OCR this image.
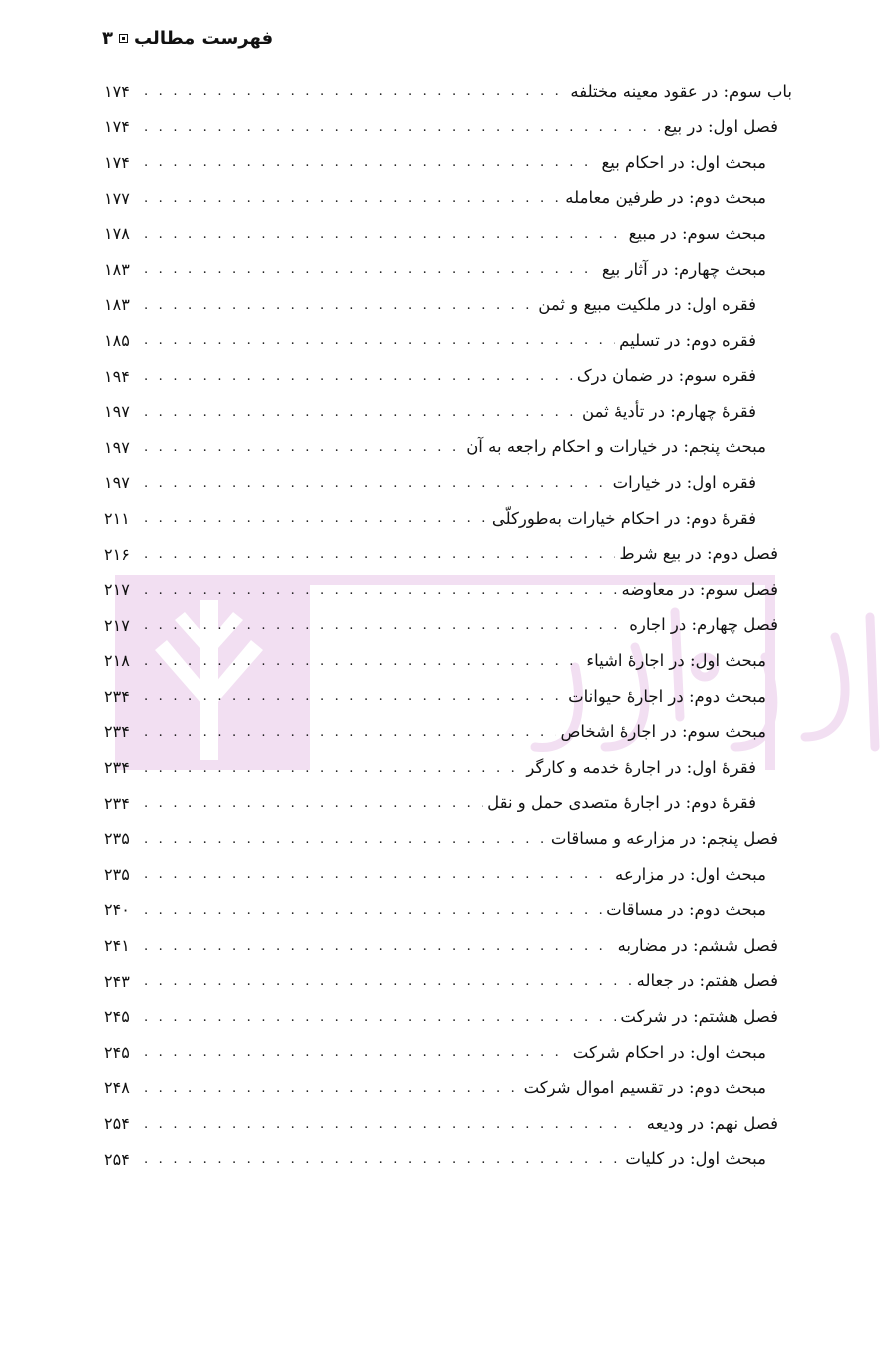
فهرست مطالب
۳
باب سوم: در عقود معینه مختلفه
. . .
۱۷۴
فصل اول: در بیع
. . .
۱۷۴
مبحث اول: در احکام بیع
. . .
۱۷۴
مبحث دوم: در طرفین معامله
. . .
۱۷۷
مبحث سوم: در مبیع
. . .
۱۷۸
مبحث چهارم: در آثار بیع
. . .
۱۸۳
فقره اول: در ملکیت مبیع و ثمن
. . .
۱۸۳
فقره دوم: در تسلیم
. . .
۱۸۵
فقره سوم: در ضمان درک
. . .
۱۹۴
فقرهٔ چهارم: در تأدیهٔ ثمن
. . .
۱۹۷
مبحث پنجم: در خیارات و احکام راجعه به آن
. . .
۱۹۷
فقره اول: در خیارات
. . .
۱۹۷
فقرهٔ دوم: در احکام خیارات به‌طورکلّی
. . .
۲۱۱
فصل دوم: در بیع شرط
. . .
۲۱۶
فصل سوم: در معاوضه
. . .
۲۱۷
فصل چهارم: در اجاره
. . .
۲۱۷
مبحث اول: در اجارهٔ اشیاء
. . .
۲۱۸
مبحث دوم: در اجارهٔ حیوانات
. . .
۲۳۴
مبحث سوم: در اجارهٔ اشخاص
. . .
۲۳۴
فقرهٔ اول: در اجارهٔ خدمه و کارگر
. . .
۲۳۴
فقرهٔ دوم: در اجارهٔ متصدی حمل و نقل
. . .
۲۳۴
فصل پنجم: در مزارعه و مساقات
. . .
۲۳۵
مبحث اول: در مزارعه
. . .
۲۳۵
مبحث دوم: در مساقات
. . .
۲۴۰
فصل ششم: در مضاربه
. . .
۲۴۱
فصل هفتم: در جعاله
. . .
۲۴۳
فصل هشتم: در شرکت
. . .
۲۴۵
مبحث اول: در احکام شرکت
. . .
۲۴۵
مبحث دوم: در تقسیم اموال شرکت
. . .
۲۴۸
فصل نهم: در ودیعه
. . .
۲۵۴
مبحث اول: در کلیات
. . .
۲۵۴
